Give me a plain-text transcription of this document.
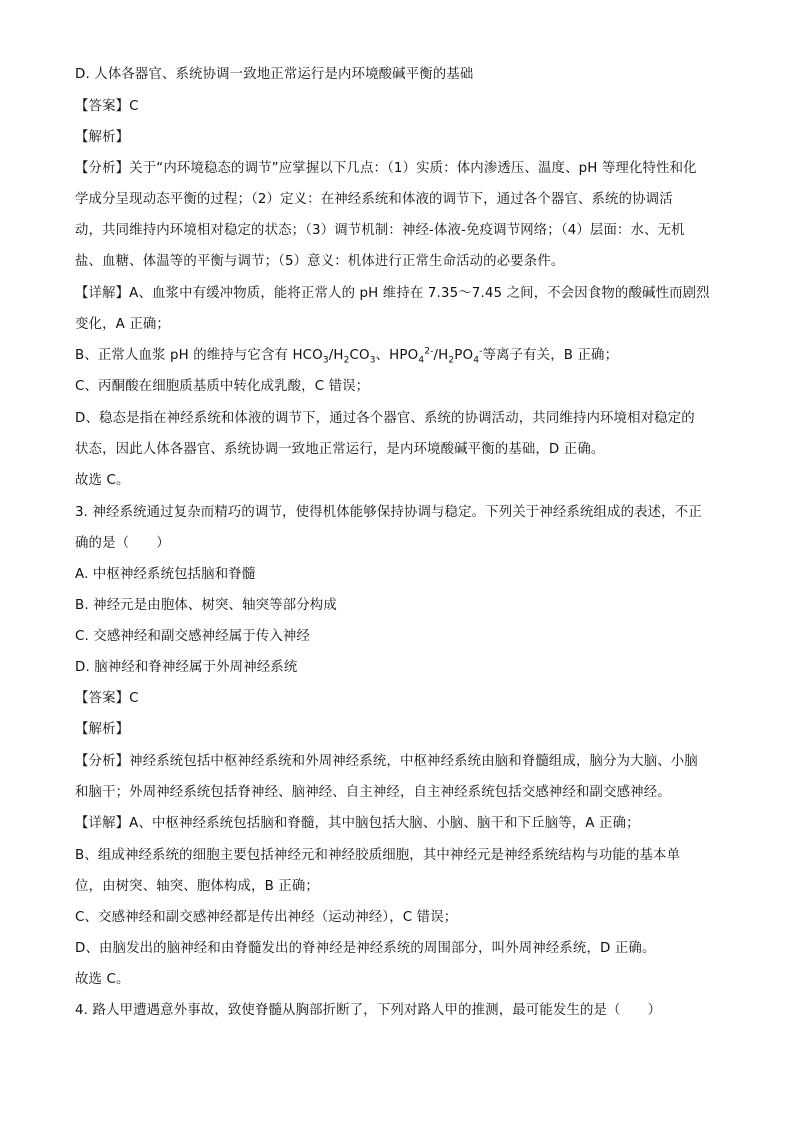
D. 人体各器官、系统协调一致地正常运行是内环境酸碱平衡的基础
【答案】C
【解析】
【分析】关于“内环境稳态的调节”应掌握以下几点：（1）实质：体内渗透压、温度、pH 等理化特性和化
学成分呈现动态平衡的过程；（2）定义：在神经系统和体液的调节下，通过各个器官、系统的协调活
动，共同维持内环境相对稳定的状态；（3）调节机制：神经-体液-免疫调节网络；（4）层面：水、无机
盐、血糖、体温等的平衡与调节；（5）意义：机体进行正常生命活动的必要条件。
【详解】A、血浆中有缓冲物质，能将正常人的 pH 维持在 7.35～7.45 之间，不会因食物的酸碱性而剧烈
变化，A 正确；
B、正常人血浆 pH 的维持与它含有 $HCO_3/H_2CO_3$、$HPO_4^{2-}/H_2PO_4^-$等离子有关，B 正确；
C、丙酮酸在细胞质基质中转化成乳酸，C 错误；
D、稳态是指在神经系统和体液的调节下，通过各个器官、系统的协调活动，共同维持内环境相对稳定的
状态，因此人体各器官、系统协调一致地正常运行，是内环境酸碱平衡的基础，D 正确。
故选 C。
3. 神经系统通过复杂而精巧的调节，使得机体能够保持协调与稳定。下列关于神经系统组成的表述，不正
确的是（　　）
A. 中枢神经系统包括脑和脊髓
B. 神经元是由胞体、树突、轴突等部分构成
C. 交感神经和副交感神经属于传入神经
D. 脑神经和脊神经属于外周神经系统
【答案】C
【解析】
【分析】神经系统包括中枢神经系统和外周神经系统，中枢神经系统由脑和脊髓组成，脑分为大脑、小脑
和脑干；外周神经系统包括脊神经、脑神经、自主神经，自主神经系统包括交感神经和副交感神经。
【详解】A、中枢神经系统包括脑和脊髓，其中脑包括大脑、小脑、脑干和下丘脑等，A 正确；
B、组成神经系统的细胞主要包括神经元和神经胶质细胞，其中神经元是神经系统结构与功能的基本单
位，由树突、轴突、胞体构成，B 正确；
C、交感神经和副交感神经都是传出神经（运动神经），C 错误；
D、由脑发出的脑神经和由脊髓发出的脊神经是神经系统的周围部分，叫外周神经系统，D 正确。
故选 C。
4. 路人甲遭遇意外事故，致使脊髓从胸部折断了，下列对路人甲的推测，最可能发生的是（　　）
